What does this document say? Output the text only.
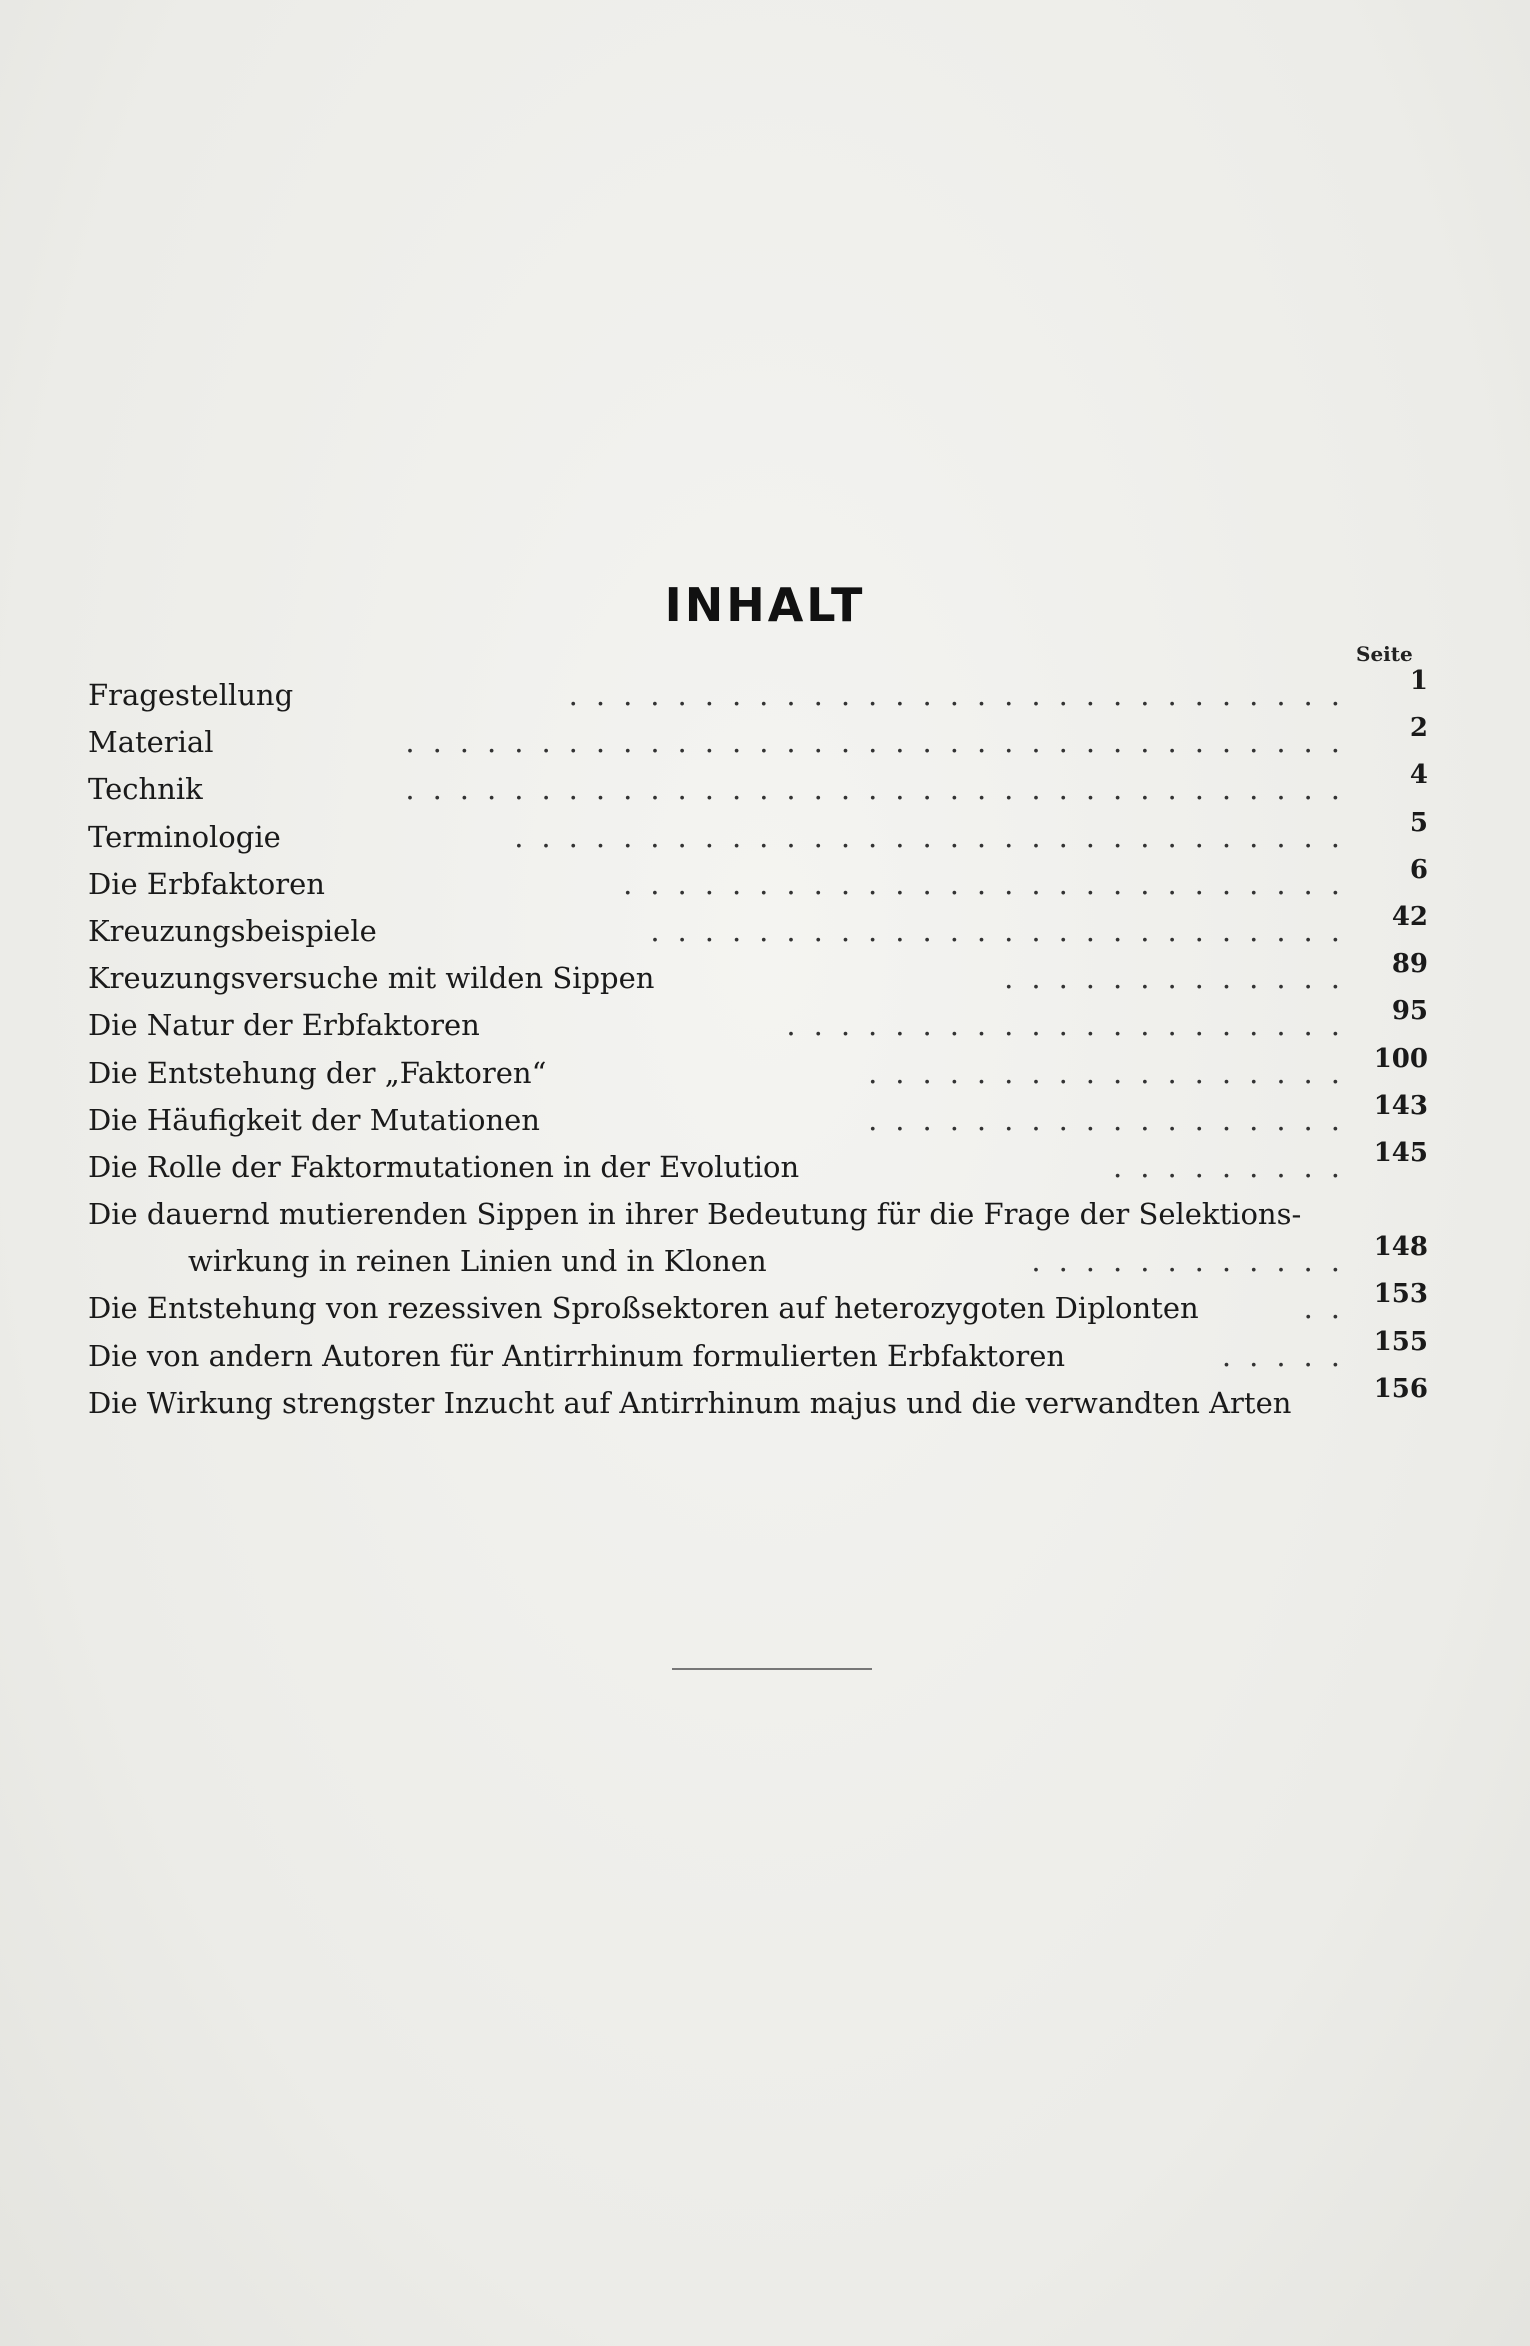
INHALT
Seite
Fragestellung	.............................	1
Material	...................................	2
Technik	...................................	4
Terminologie	...............................	5
Die Erbfaktoren	...........................	6
Kreuzungsbeispiele	..........................	42
Kreuzungsversuche mit wilden Sippen	.............	89
Die Natur der Erbfaktoren	.....................	95
Die Entstehung der „Faktoren“	.................. 100
Die Häufigkeit der Mutationen	.................. 143
Die Rolle der Faktormutationen in der Evolution	......... 145
Die dauernd mutierenden Sippen in ihrer Bedeutung für die Frage der Selektions-
wirkung in reinen Linien und in Klonen	............ 148
Die Entstehung von rezessiven Sproßsektoren auf heterozygoten Diplonten	.. 153
Die von andern Autoren für Antirrhinum formulierten Erbfaktoren	..... 155
Die Wirkung strengster Inzucht auf Antirrhinum majus und die verwandten Arten	156
